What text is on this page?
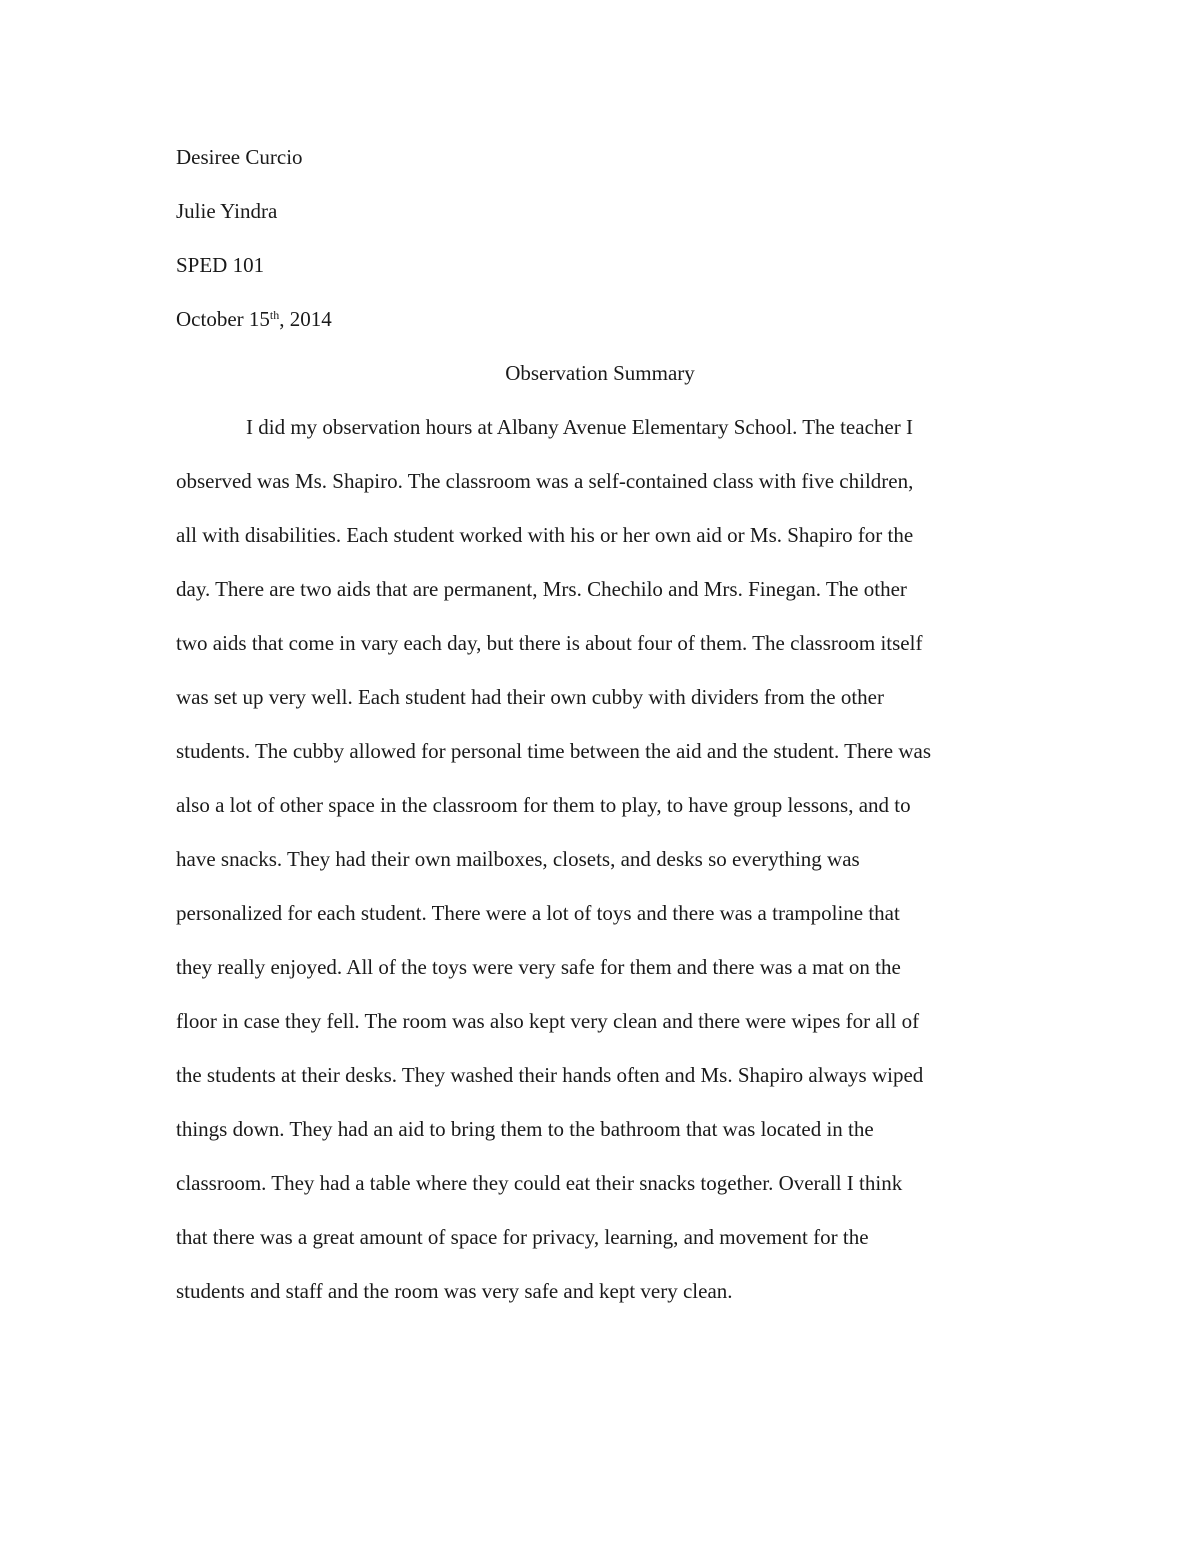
Desiree Curcio
Julie Yindra
SPED 101
October 15th, 2014
Observation Summary
I did my observation hours at Albany Avenue Elementary School. The teacher I
observed was Ms. Shapiro. The classroom was a self-contained class with five children,
all with disabilities. Each student worked with his or her own aid or Ms. Shapiro for the
day. There are two aids that are permanent, Mrs. Chechilo and Mrs. Finegan. The other
two aids that come in vary each day, but there is about four of them. The classroom itself
was set up very well. Each student had their own cubby with dividers from the other
students. The cubby allowed for personal time between the aid and the student. There was
also a lot of other space in the classroom for them to play, to have group lessons, and to
have snacks. They had their own mailboxes, closets, and desks so everything was
personalized for each student. There were a lot of toys and there was a trampoline that
they really enjoyed. All of the toys were very safe for them and there was a mat on the
floor in case they fell. The room was also kept very clean and there were wipes for all of
the students at their desks. They washed their hands often and Ms. Shapiro always wiped
things down. They had an aid to bring them to the bathroom that was located in the
classroom. They had a table where they could eat their snacks together. Overall I think
that there was a great amount of space for privacy, learning, and movement for the
students and staff and the room was very safe and kept very clean.
